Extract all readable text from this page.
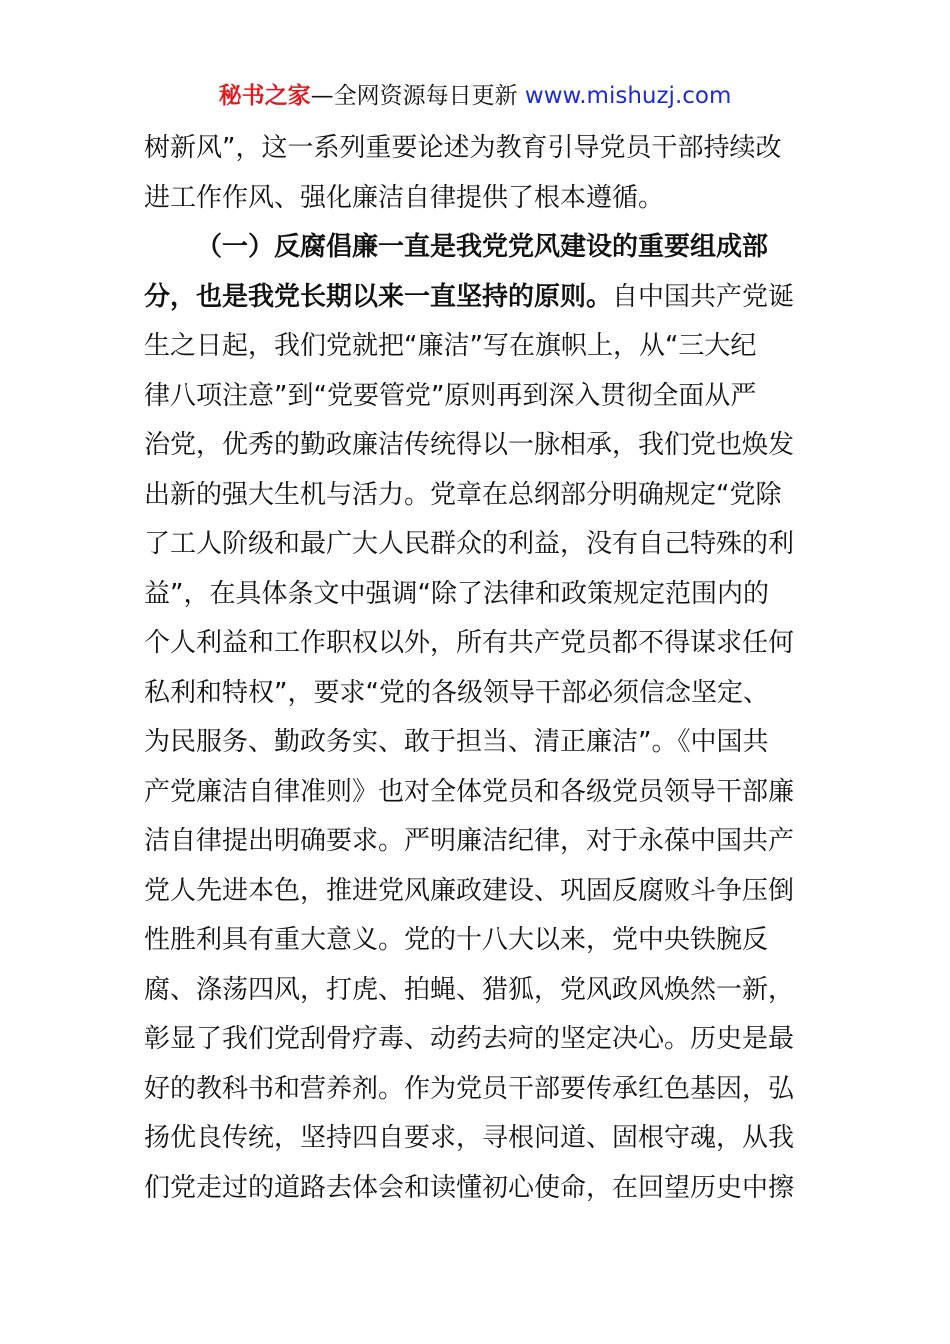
秘书之家—全网资源每日更新 www.mishuzj.com
树新风”，这一系列重要论述为教育引导党员干部持续改
进工作作风、强化廉洁自律提供了根本遵循。
（一）反腐倡廉一直是我党党风建设的重要组成部
分，也是我党长期以来一直坚持的原则。自中国共产党诞
生之日起，我们党就把“廉洁”写在旗帜上，从“三大纪
律八项注意”到“党要管党”原则再到深入贯彻全面从严
治党，优秀的勤政廉洁传统得以一脉相承，我们党也焕发
出新的强大生机与活力。党章在总纲部分明确规定“党除
了工人阶级和最广大人民群众的利益，没有自己特殊的利
益”，在具体条文中强调“除了法律和政策规定范围内的
个人利益和工作职权以外，所有共产党员都不得谋求任何
私利和特权”，要求“党的各级领导干部必须信念坚定、
为民服务、勤政务实、敢于担当、清正廉洁”。《中国共
产党廉洁自律准则》也对全体党员和各级党员领导干部廉
洁自律提出明确要求。严明廉洁纪律，对于永葆中国共产
党人先进本色，推进党风廉政建设、巩固反腐败斗争压倒
性胜利具有重大意义。党的十八大以来，党中央铁腕反
腐、涤荡四风，打虎、拍蝇、猎狐，党风政风焕然一新，
彰显了我们党刮骨疗毒、动药去疴的坚定决心。历史是最
好的教科书和营养剂。作为党员干部要传承红色基因，弘
扬优良传统，坚持四自要求，寻根问道、固根守魂，从我
们党走过的道路去体会和读懂初心使命，在回望历史中擦
